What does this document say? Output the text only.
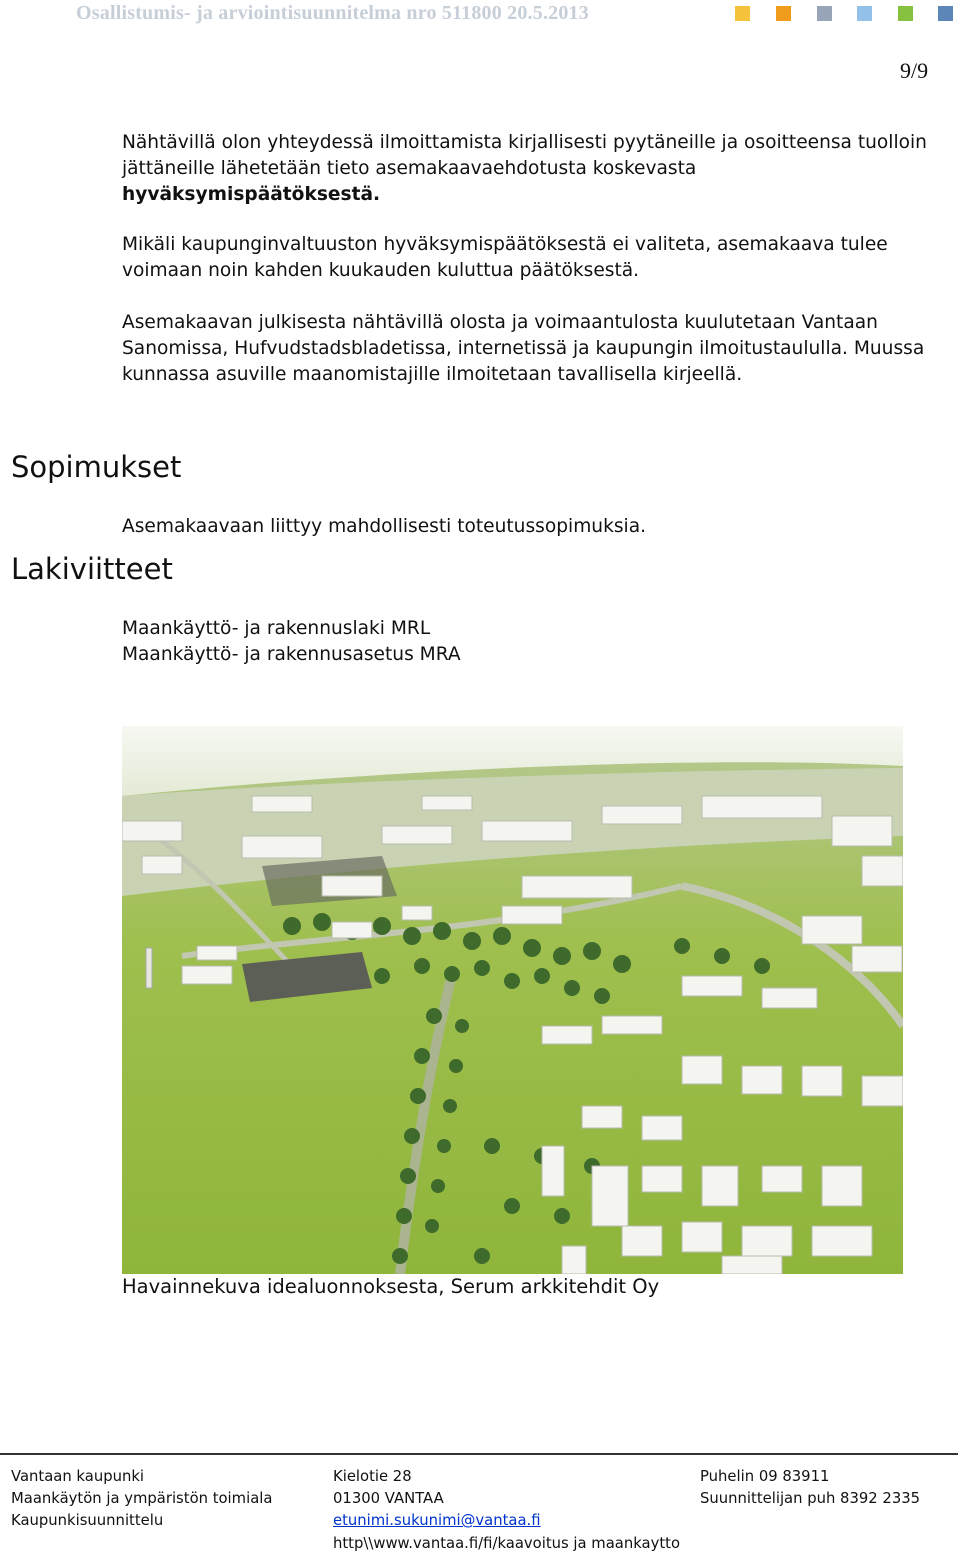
Osallistumis- ja arviointisuunnitelma nro 511800 20.5.2013
9/9
Nähtävillä olon yhteydessä ilmoittamista kirjallisesti pyytäneille ja osoitteensa tuolloin jättäneille lähetetään tieto asemakaavaehdotusta koskevasta hyväksymispäätöksestä.
Mikäli kaupunginvaltuuston hyväksymispäätöksestä ei valiteta, asemakaava tulee voimaan noin kahden kuukauden kuluttua päätöksestä.
Asemakaavan julkisesta nähtävillä olosta ja voimaantulosta kuulutetaan Vantaan Sanomissa, Hufvudstadsbladetissa, internetissä ja kaupungin ilmoitustaululla. Muussa kunnassa asuville maanomistajille ilmoitetaan tavallisella kirjeellä.
Sopimukset
Asemakaavaan liittyy mahdollisesti toteutussopimuksia.
Lakiviitteet
Maankäyttö- ja rakennuslaki MRL
Maankäyttö- ja rakennusasetus MRA
Havainnekuva idealuonnoksesta, Serum arkkitehdit Oy
Vantaan kaupunki
Maankäytön ja ympäristön toimiala
Kaupunkisuunnittelu
Kielotie 28
01300 VANTAA
etunimi.sukunimi@vantaa.fi
http\\www.vantaa.fi/fi/kaavoitus ja maankaytto
Puhelin 09 83911
Suunnittelijan puh 8392 2335
